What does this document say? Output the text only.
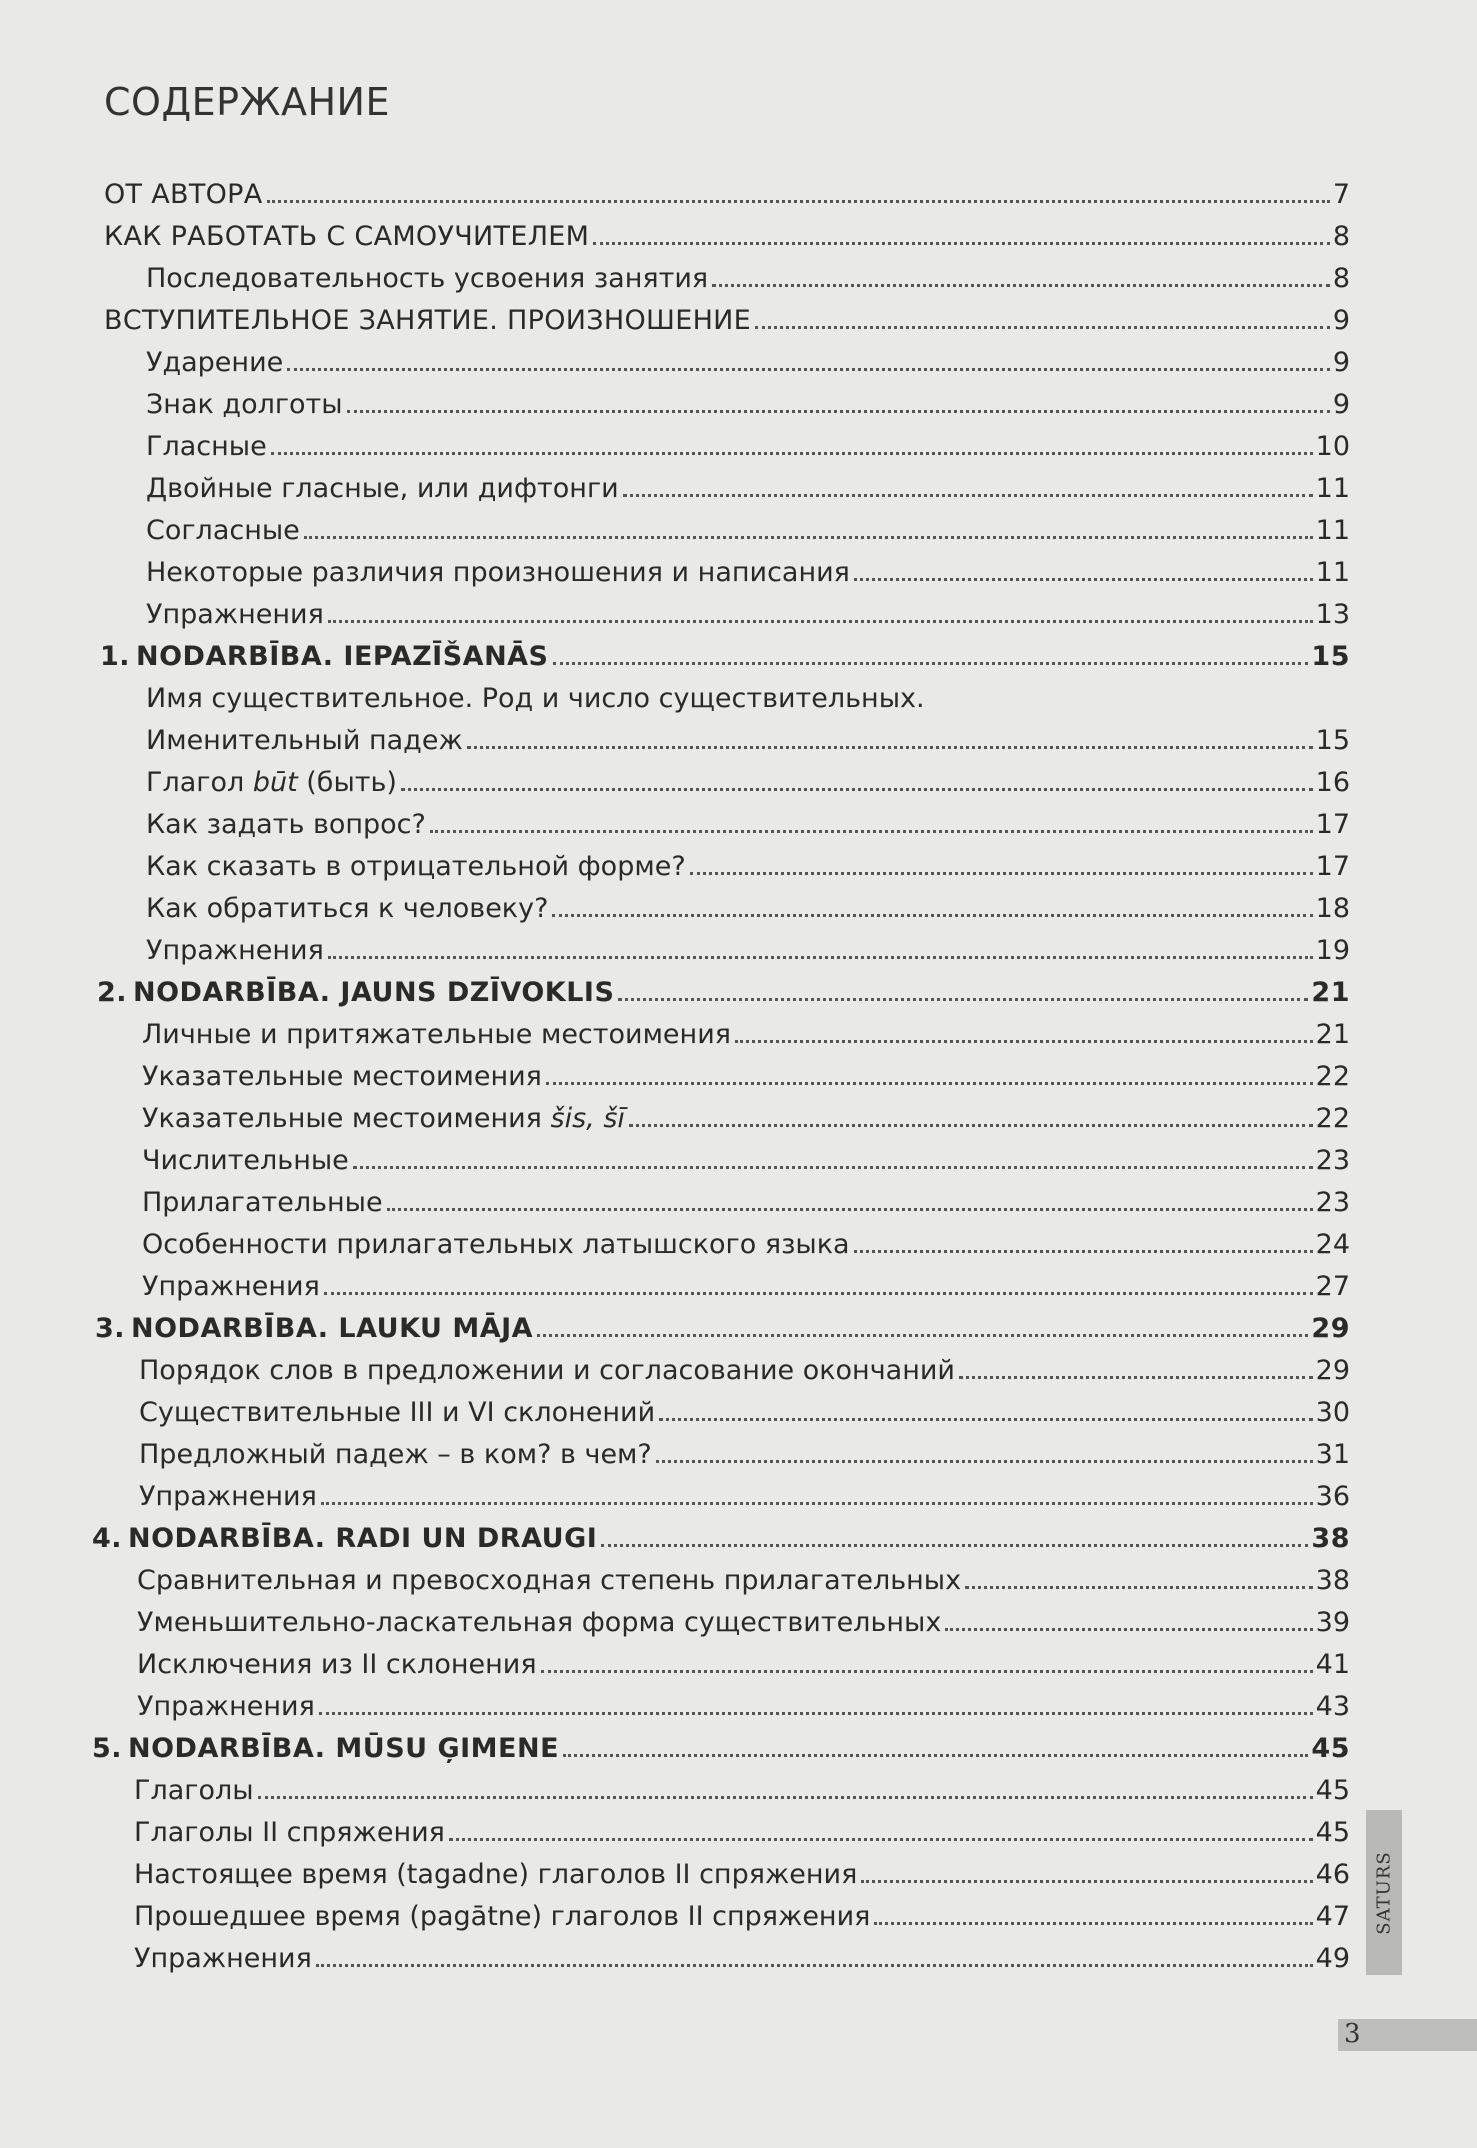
СОДЕРЖАНИЕ
ОТ АВТОРА	7
КАК РАБОТАТЬ С САМОУЧИТЕЛЕМ	8
Последовательность усвоения занятия	8
ВСТУПИТЕЛЬНОЕ ЗАНЯТИЕ. ПРОИЗНОШЕНИЕ	9
Ударение	9
Знак долготы	9
Гласные	10
Двойные гласные, или дифтонги	11
Согласные	11
Некоторые различия произношения и написания	11
Упражнения	13
1. NODARBĪBA. IEPAZĪŠANĀS	15
Имя существительное. Род и число существительных.
Именительный падеж	15
Глагол būt (быть)	16
Как задать вопрос?	17
Как сказать в отрицательной форме?	17
Как обратиться к человеку?	18
Упражнения	19
2. NODARBĪBA. JAUNS DZĪVOKLIS	21
Личные и притяжательные местоимения	21
Указательные местоимения	22
Указательные местоимения šis, šī	22
Числительные	23
Прилагательные	23
Особенности прилагательных латышского языка	24
Упражнения	27
3. NODARBĪBA. LAUKU MĀJA	29
Порядок слов в предложении и согласование окончаний	29
Существительные III и VI склонений	30
Предложный падеж – в ком? в чем?	31
Упражнения	36
4. NODARBĪBA. RADI UN DRAUGI	38
Сравнительная и превосходная степень прилагательных	38
Уменьшительно-ласкательная форма существительных	39
Исключения из II склонения	41
Упражнения	43
5. NODARBĪBA. MŪSU ĢIMENE	45
Глаголы	45
Глаголы II спряжения	45
Настоящее время (tagadne) глаголов II спряжения	46
Прошедшее время (pagātne) глаголов II спряжения	47
Упражнения	49
SATURS
3
